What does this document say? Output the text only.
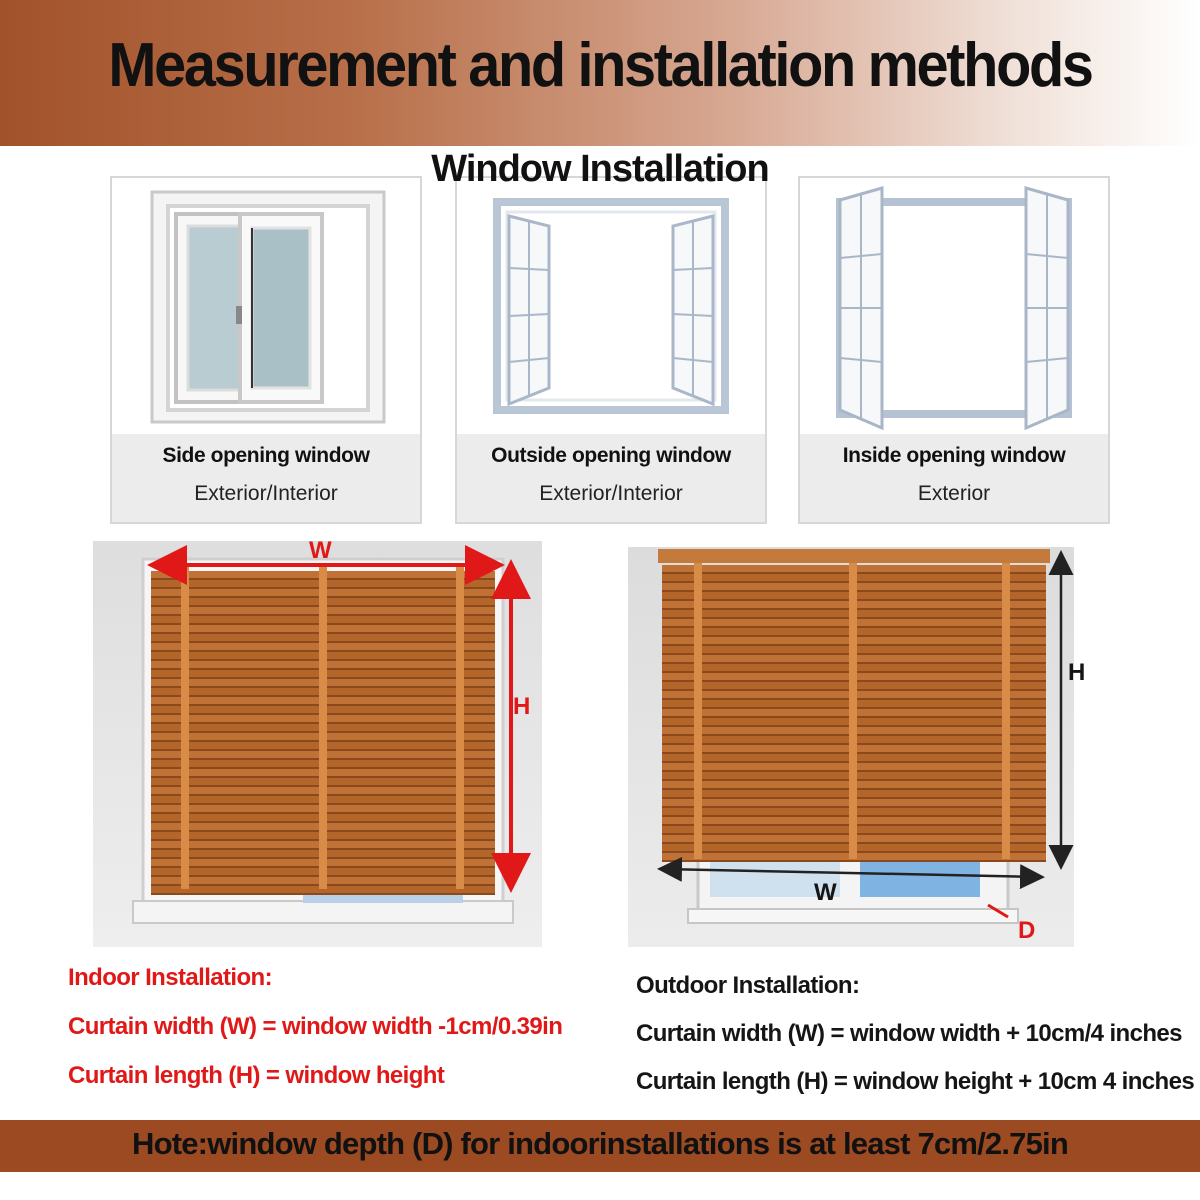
Measurement and installation methods
Side opening window
Exterior/Interior
Outside opening window
Exterior/Interior
Inside opening window
Exterior
Window Installation
W
H
W
H
D
Indoor Installation:
Curtain width (W) = window width -1cm/0.39in
Curtain length (H) = window height
Outdoor Installation:
Curtain width (W) = window width + 10cm/4 inches
Curtain length (H) = window height + 10cm 4 inches
Hote:window depth (D) for indoorinstallations is at least 7cm/2.75in
